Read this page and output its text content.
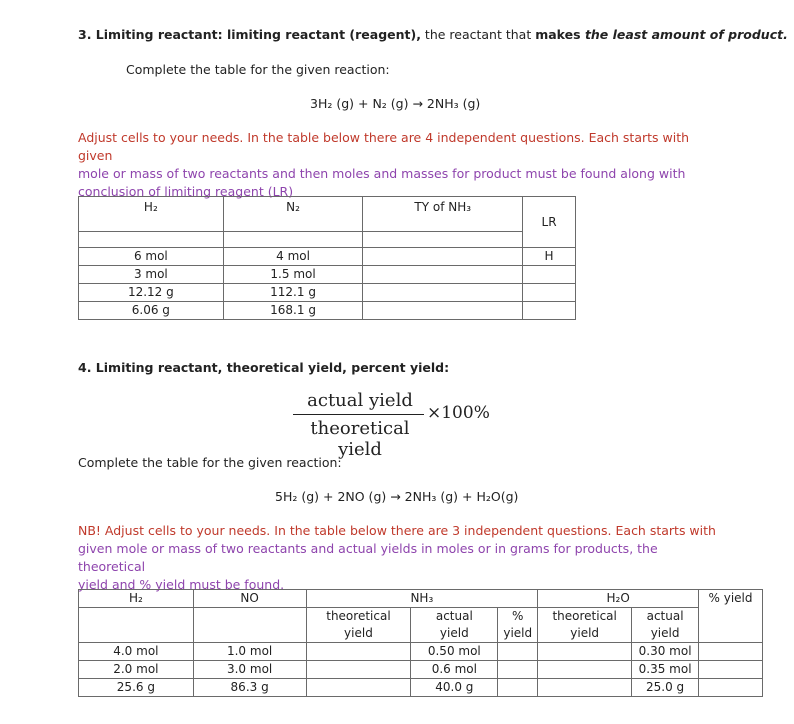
3. Limiting reactant: limiting reactant (reagent), the reactant that makes the least amount of product.
Complete the table for the given reaction:
3H₂ (g) + N₂ (g) → 2NH₃ (g)
Adjust cells to your needs. In the table below there are 4 independent questions. Each starts with given
mole or mass of two reactants and then moles and masses for product must be found along with
conclusion of limiting reagent (LR)
H₂	N₂	TY of NH₃	LR

6 mol	4 mol		H
3 mol	1.5 mol		
12.12 g	112.1 g		
6.06 g	168.1 g		
4. Limiting reactant, theoretical yield, percent yield:
actual yield
theoretical yield
×100%
Complete the table for the given reaction:
5H₂ (g) + 2NO (g) → 2NH₃ (g) + H₂O(g)
NB! Adjust cells to your needs. In the table below there are 3 independent questions. Each starts with
given mole or mass of two reactants and actual yields in moles or in grams for products, the theoretical
yield and % yield must be found.
H₂	NO	NH₃			H₂O		% yield
		theoretical	actual	%	theoretical	actual	
		yield	yield	yield	yield	yield	
4.0 mol	1.0 mol		0.50 mol			0.30 mol	
2.0 mol	3.0 mol		0.6 mol			0.35 mol	
25.6 g	86.3 g		40.0 g			25.0 g	
